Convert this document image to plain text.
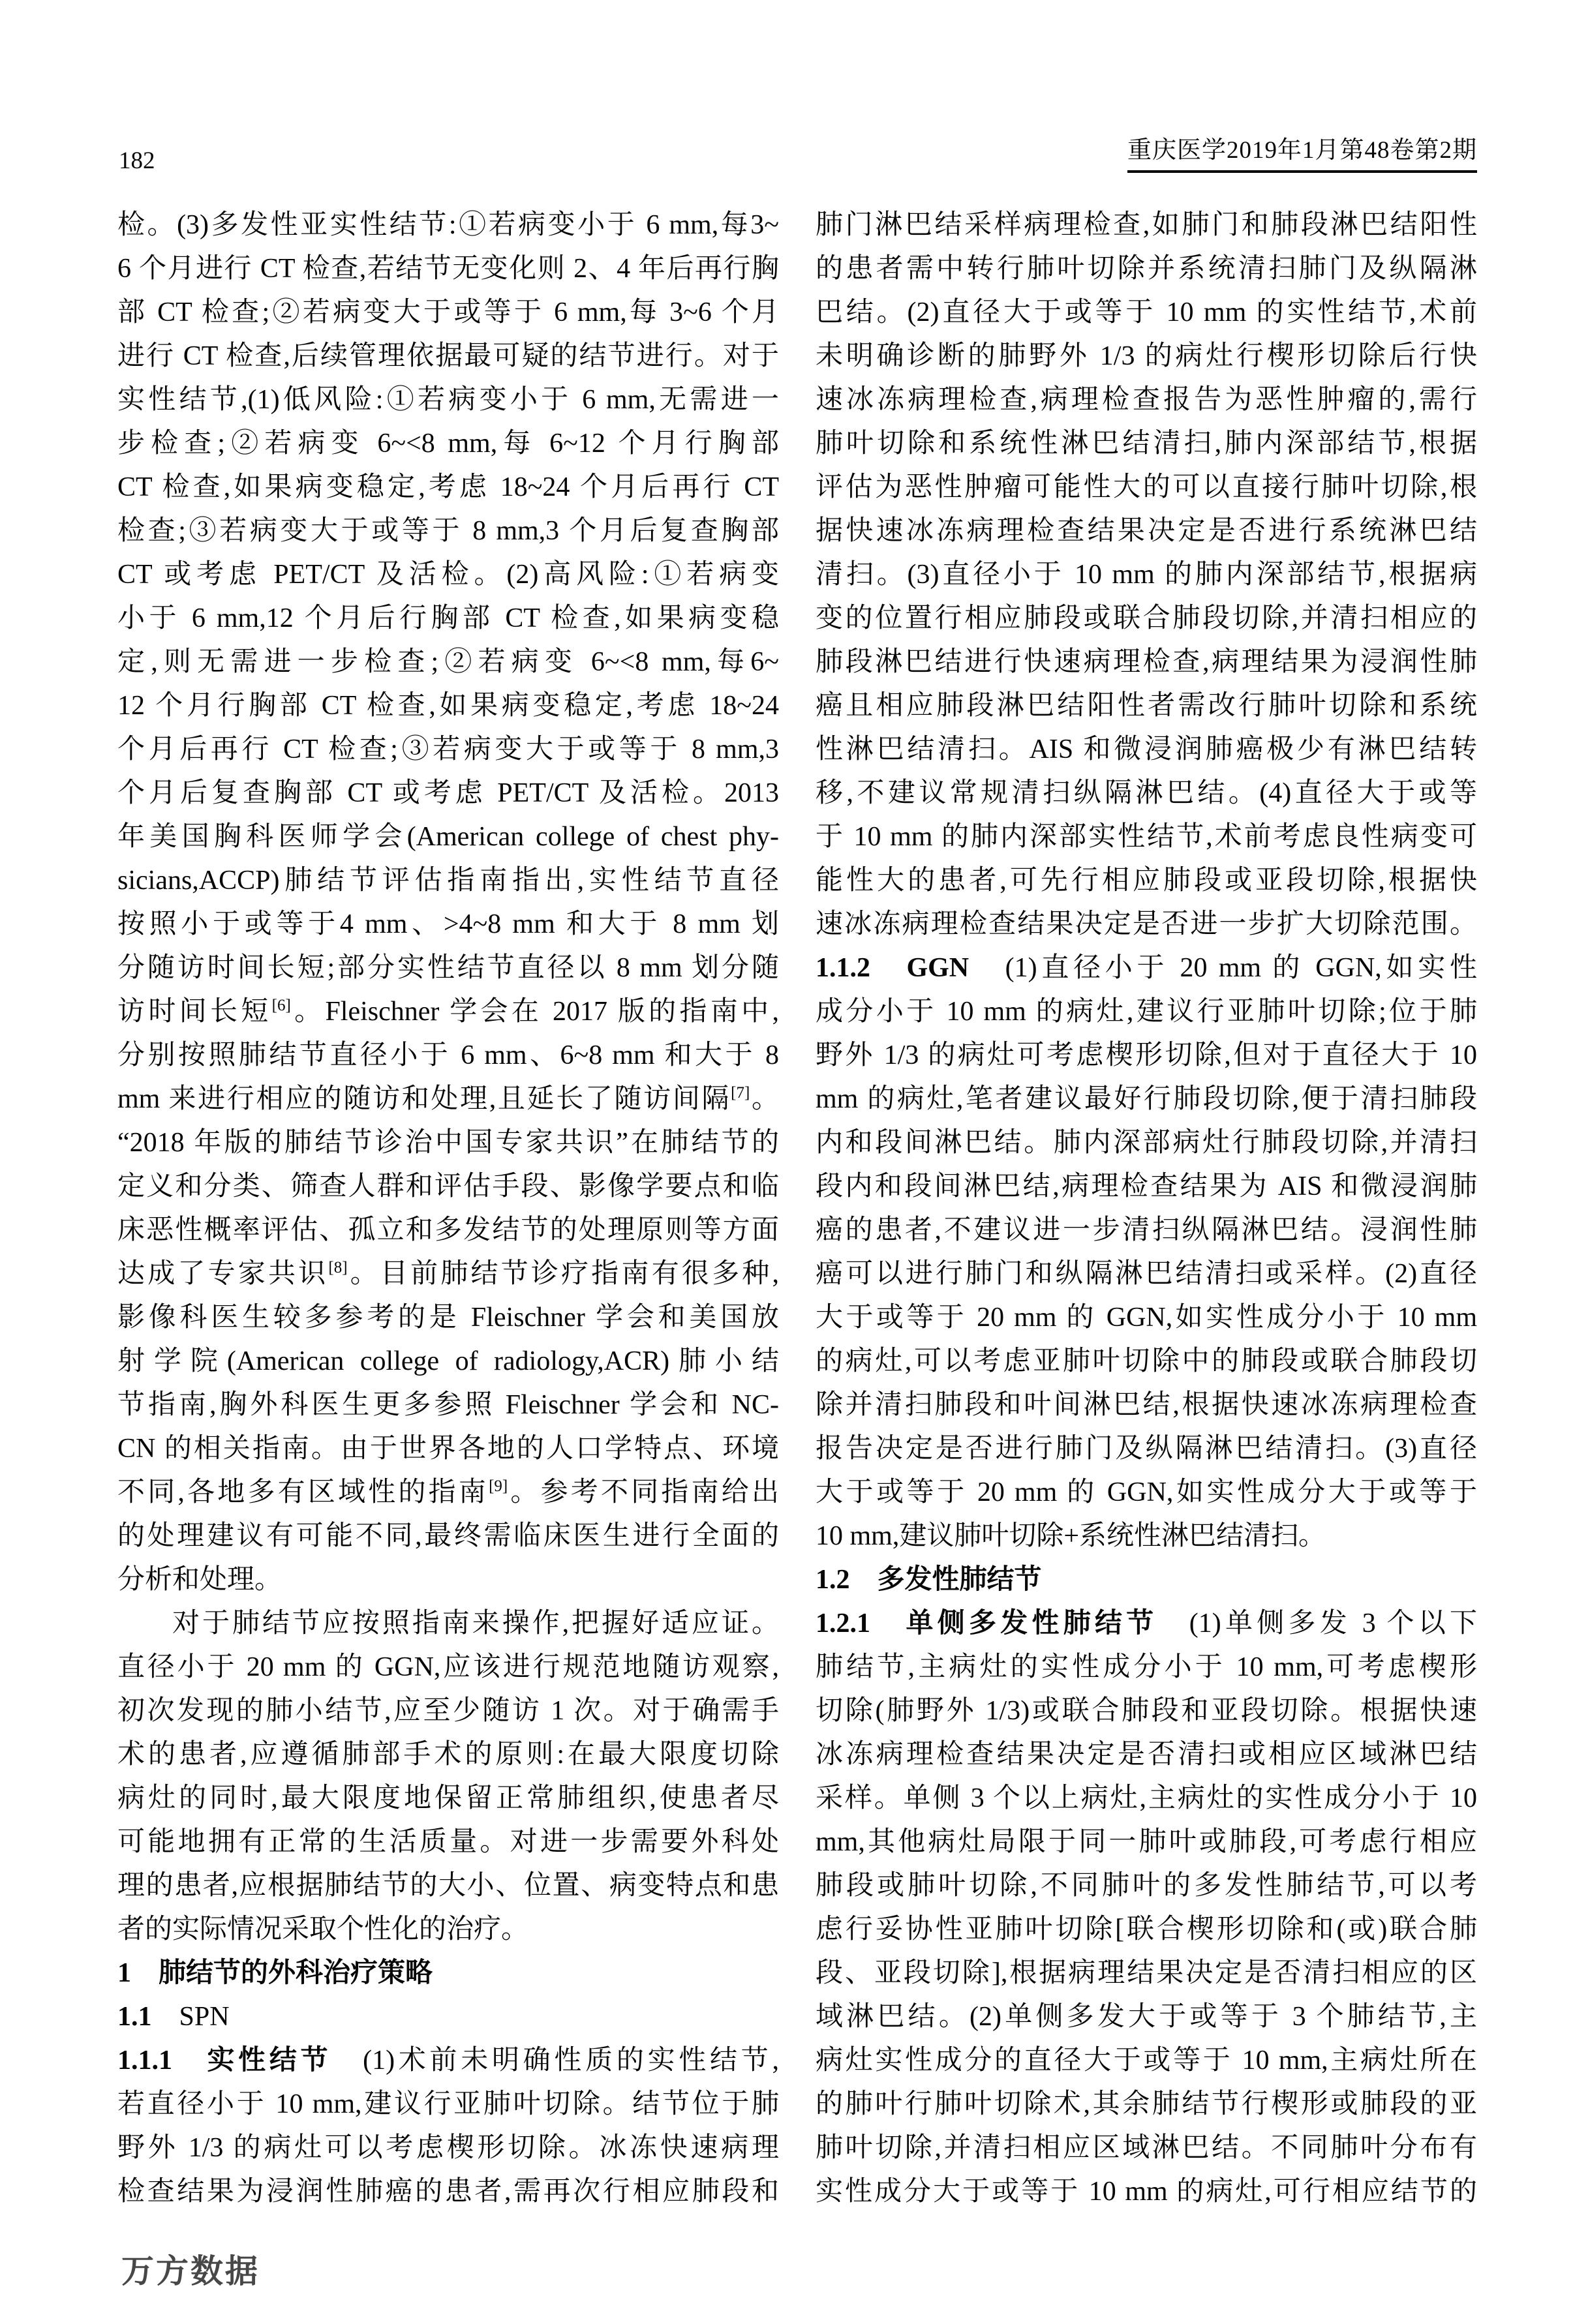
182	重庆医学2019年1月第48卷第2期
检。(3)多发性亚实性结节:①若病变小于 6 mm,每3~
6 个月进行 CT 检查,若结节无变化则 2、4 年后再行胸
部 CT 检查;②若病变大于或等于 6 mm,每 3~6 个月
进行 CT 检查,后续管理依据最可疑的结节进行。对于
实性结节,(1)低风险:①若病变小于 6 mm,无需进一
步检查;②若病变 6~<8 mm,每 6~12 个月行胸部
CT 检查,如果病变稳定,考虑 18~24 个月后再行 CT
检查;③若病变大于或等于 8 mm,3 个月后复查胸部
CT 或考虑 PET/CT 及活检。(2)高风险:①若病变
小于 6 mm,12 个月后行胸部 CT 检查,如果病变稳
定,则无需进一步检查;②若病变 6~<8 mm,每6~
12 个月行胸部 CT 检查,如果病变稳定,考虑 18~24
个月后再行 CT 检查;③若病变大于或等于 8 mm,3
个月后复查胸部 CT 或考虑 PET/CT 及活检。2013
年美国胸科医师学会(American college of chest phy-
sicians,ACCP)肺结节评估指南指出,实性结节直径
按照小于或等于4 mm、>4~8 mm 和大于 8 mm 划
分随访时间长短;部分实性结节直径以 8 mm 划分随
访时间长短[6]。Fleischner 学会在 2017 版的指南中,
分别按照肺结节直径小于 6 mm、6~8 mm 和大于 8
mm 来进行相应的随访和处理,且延长了随访间隔[7]。
“2018 年版的肺结节诊治中国专家共识”在肺结节的
定义和分类、筛查人群和评估手段、影像学要点和临
床恶性概率评估、孤立和多发结节的处理原则等方面
达成了专家共识[8]。目前肺结节诊疗指南有很多种,
影像科医生较多参考的是 Fleischner 学会和美国放
射学院(American college of radiology,ACR)肺小结
节指南,胸外科医生更多参照 Fleischner 学会和 NC-
CN 的相关指南。由于世界各地的人口学特点、环境
不同,各地多有区域性的指南[9]。参考不同指南给出
的处理建议有可能不同,最终需临床医生进行全面的
分析和处理。
对于肺结节应按照指南来操作,把握好适应证。
直径小于 20 mm 的 GGN,应该进行规范地随访观察,
初次发现的肺小结节,应至少随访 1 次。对于确需手
术的患者,应遵循肺部手术的原则:在最大限度切除
病灶的同时,最大限度地保留正常肺组织,使患者尽
可能地拥有正常的生活质量。对进一步需要外科处
理的患者,应根据肺结节的大小、位置、病变特点和患
者的实际情况采取个性化的治疗。
1　肺结节的外科治疗策略
1.1　SPN
1.1.1　实性结节　(1)术前未明确性质的实性结节,
若直径小于 10 mm,建议行亚肺叶切除。结节位于肺
野外 1/3 的病灶可以考虑楔形切除。冰冻快速病理
检查结果为浸润性肺癌的患者,需再次行相应肺段和
肺门淋巴结采样病理检查,如肺门和肺段淋巴结阳性
的患者需中转行肺叶切除并系统清扫肺门及纵隔淋
巴结。(2)直径大于或等于 10 mm 的实性结节,术前
未明确诊断的肺野外 1/3 的病灶行楔形切除后行快
速冰冻病理检查,病理检查报告为恶性肿瘤的,需行
肺叶切除和系统性淋巴结清扫,肺内深部结节,根据
评估为恶性肿瘤可能性大的可以直接行肺叶切除,根
据快速冰冻病理检查结果决定是否进行系统淋巴结
清扫。(3)直径小于 10 mm 的肺内深部结节,根据病
变的位置行相应肺段或联合肺段切除,并清扫相应的
肺段淋巴结进行快速病理检查,病理结果为浸润性肺
癌且相应肺段淋巴结阳性者需改行肺叶切除和系统
性淋巴结清扫。AIS 和微浸润肺癌极少有淋巴结转
移,不建议常规清扫纵隔淋巴结。(4)直径大于或等
于 10 mm 的肺内深部实性结节,术前考虑良性病变可
能性大的患者,可先行相应肺段或亚段切除,根据快
速冰冻病理检查结果决定是否进一步扩大切除范围。
1.1.2　GGN　(1)直径小于 20 mm 的 GGN,如实性
成分小于 10 mm 的病灶,建议行亚肺叶切除;位于肺
野外 1/3 的病灶可考虑楔形切除,但对于直径大于 10
mm 的病灶,笔者建议最好行肺段切除,便于清扫肺段
内和段间淋巴结。肺内深部病灶行肺段切除,并清扫
段内和段间淋巴结,病理检查结果为 AIS 和微浸润肺
癌的患者,不建议进一步清扫纵隔淋巴结。浸润性肺
癌可以进行肺门和纵隔淋巴结清扫或采样。(2)直径
大于或等于 20 mm 的 GGN,如实性成分小于 10 mm
的病灶,可以考虑亚肺叶切除中的肺段或联合肺段切
除并清扫肺段和叶间淋巴结,根据快速冰冻病理检查
报告决定是否进行肺门及纵隔淋巴结清扫。(3)直径
大于或等于 20 mm 的 GGN,如实性成分大于或等于
10 mm,建议肺叶切除+系统性淋巴结清扫。
1.2　多发性肺结节
1.2.1　单侧多发性肺结节　(1)单侧多发 3 个以下
肺结节,主病灶的实性成分小于 10 mm,可考虑楔形
切除(肺野外 1/3)或联合肺段和亚段切除。根据快速
冰冻病理检查结果决定是否清扫或相应区域淋巴结
采样。单侧 3 个以上病灶,主病灶的实性成分小于 10
mm,其他病灶局限于同一肺叶或肺段,可考虑行相应
肺段或肺叶切除,不同肺叶的多发性肺结节,可以考
虑行妥协性亚肺叶切除[联合楔形切除和(或)联合肺
段、亚段切除],根据病理结果决定是否清扫相应的区
域淋巴结。(2)单侧多发大于或等于 3 个肺结节,主
病灶实性成分的直径大于或等于 10 mm,主病灶所在
的肺叶行肺叶切除术,其余肺结节行楔形或肺段的亚
肺叶切除,并清扫相应区域淋巴结。不同肺叶分布有
实性成分大于或等于 10 mm 的病灶,可行相应结节的
万方数据
